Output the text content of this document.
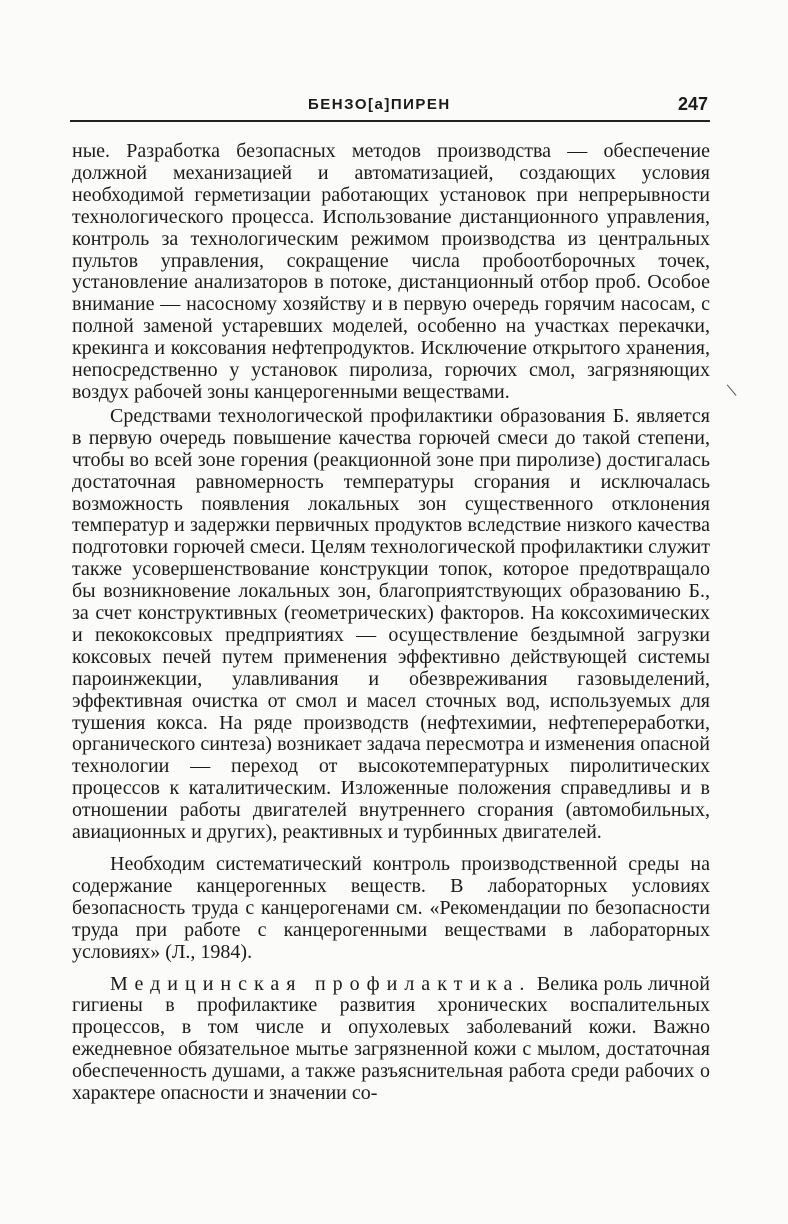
БЕНЗО[а]ПИРЕН	247

ные. Разработка безопасных методов производства — обеспечение должной механизацией и автоматизацией, создающих условия необходимой герметизации работающих установок при непрерывности технологического процесса. Использование дистанционного управления, контроль за технологическим режимом производства из центральных пультов управления, сокращение числа пробоотборочных точек, установление анализаторов в потоке, дистанционный отбор проб. Особое внимание — насосному хозяйству и в первую очередь горячим насосам, с полной заменой устаревших моделей, особенно на участках перекачки, крекинга и коксования нефтепродуктов. Исключение открытого хранения, непосредственно у установок пиролиза, горючих смол, загрязняющих воздух рабочей зоны канцерогенными веществами.

Средствами технологической профилактики образования Б. является в первую очередь повышение качества горючей смеси до такой степени, чтобы во всей зоне горения (реакционной зоне при пиролизе) достигалась достаточная равномерность температуры сгорания и исключалась возможность появления локальных зон существенного отклонения температур и задержки первичных продуктов вследствие низкого качества подготовки горючей смеси. Целям технологической профилактики служит также усовершенствование конструкции топок, которое предотвращало бы возникновение локальных зон, благоприятствующих образованию Б., за счет конструктивных (геометрических) факторов. На коксохимических и пекококсовых предприятиях — осуществление бездымной загрузки коксовых печей путем применения эффективно действующей системы пароинжекции, улавливания и обезвреживания газовыделений, эффективная очистка от смол и масел сточных вод, используемых для тушения кокса. На ряде производств (нефтехимии, нефтепереработки, органического синтеза) возникает задача пересмотра и изменения опасной технологии — переход от высокотемпературных пиролитических процессов к каталитическим. Изложенные положения справедливы и в отношении работы двигателей внутреннего сгорания (автомобильных, авиационных и других), реактивных и турбинных двигателей.

Необходим систематический контроль производственной среды на содержание канцерогенных веществ. В лабораторных условиях безопасность труда с канцерогенами см. «Рекомендации по безопасности труда при работе с канцерогенными веществами в лабораторных условиях» (Л., 1984).

Медицинская профилактика. Велика роль личной гигиены в профилактике развития хронических воспалительных процессов, в том числе и опухолевых заболеваний кожи. Важно ежедневное обязательное мытье загрязненной кожи с мылом, достаточная обеспеченность душами, а также разъяснительная работа среди рабочих о характере опасности и значении со-
